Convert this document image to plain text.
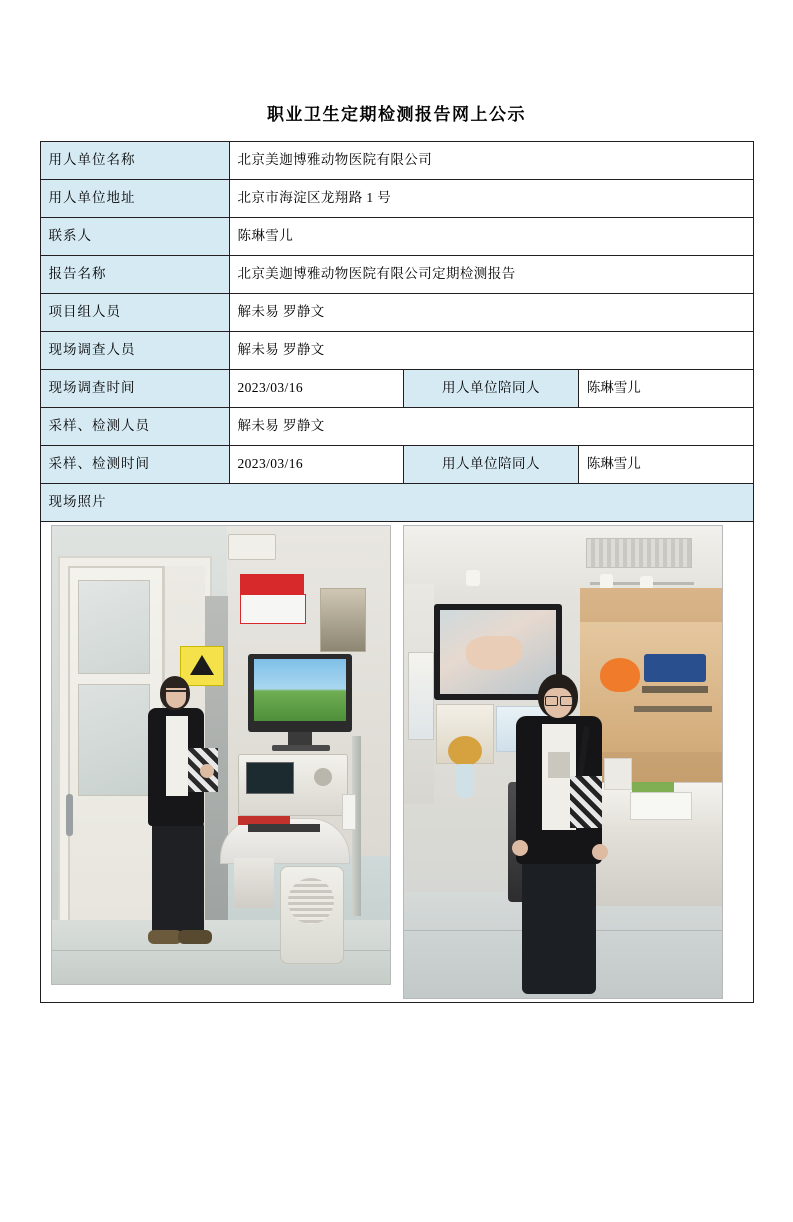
职业卫生定期检测报告网上公示
用人单位名称	北京美迦博雅动物医院有限公司		
用人单位地址	北京市海淀区龙翔路 1 号		
联系人	陈琳雪儿		
报告名称	北京美迦博雅动物医院有限公司定期检测报告		
项目组人员	解未易 罗静文		
现场调查人员	解未易 罗静文		
现场调查时间	2023/03/16	用人单位陪同人	陈琳雪儿
采样、检测人员	解未易 罗静文		
采样、检测时间	2023/03/16	用人单位陪同人	陈琳雪儿
现场照片			
